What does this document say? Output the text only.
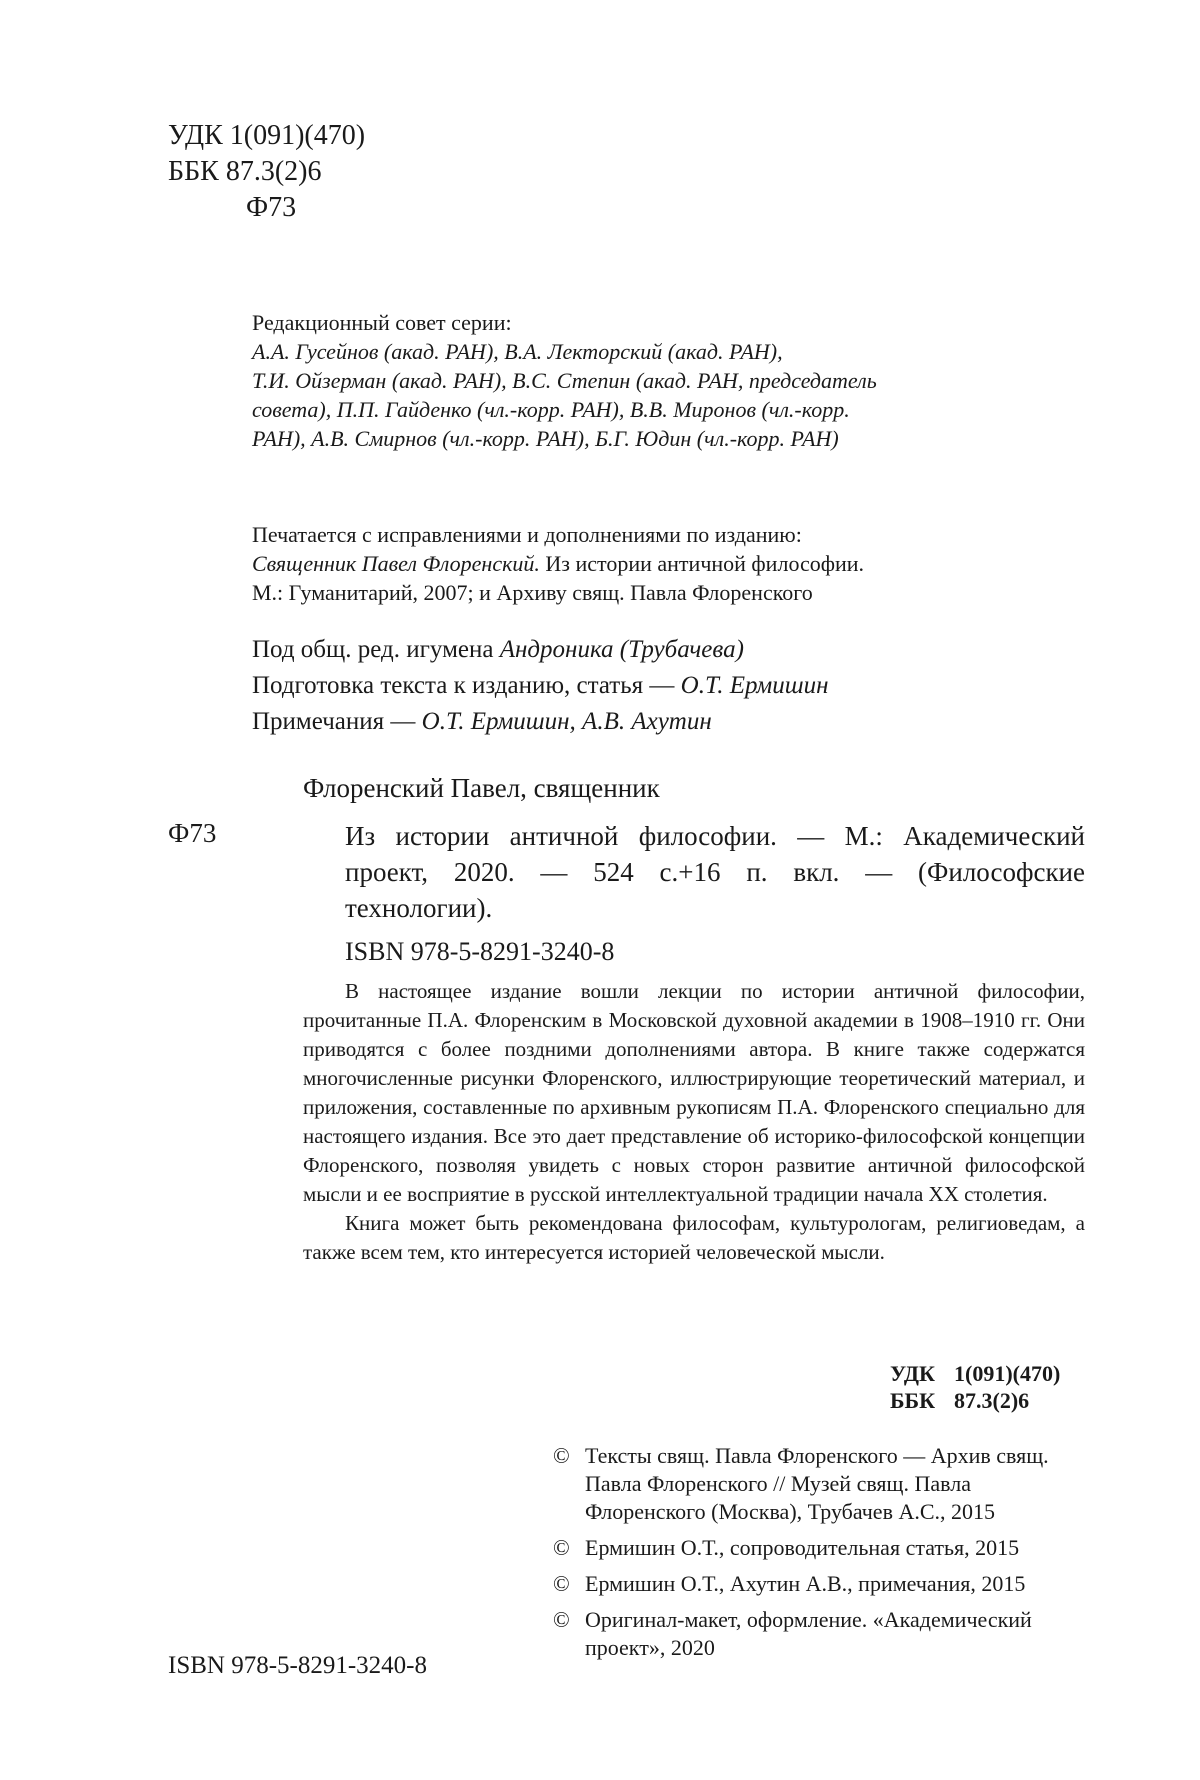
УДК 1(091)(470)
ББК 87.3(2)6
Ф73
Редакционный совет серии:
А.А. Гусейнов (акад. РАН), В.А. Лекторский (акад. РАН),
Т.И. Ойзерман (акад. РАН), В.С. Степин (акад. РАН, председатель
совета), П.П. Гайденко (чл.-корр. РАН), В.В. Миронов (чл.-корр.
РАН), А.В. Смирнов (чл.-корр. РАН), Б.Г. Юдин (чл.-корр. РАН)
Печатается с исправлениями и дополнениями по изданию:
Священник Павел Флоренский. Из истории античной философии.
М.: Гуманитарий, 2007; и Архиву свящ. Павла Флоренского
Под общ. ред. игумена Андроника (Трубачева)
Подготовка текста к изданию, статья — О.Т. Ермишин
Примечания — О.Т. Ермишин, А.В. Ахутин
Флоренский Павел, священник
Ф73	Из истории античной философии. — М.: Академический проект, 2020. — 524 с.+16 п. вкл. — (Философские технологии).
ISBN 978-5-8291-3240-8

В настоящее издание вошли лекции по истории античной философии, прочитанные П.А. Флоренским в Московской духовной академии в 1908–1910 гг. Они приводятся с более поздними дополнениями автора. В книге также содержатся многочисленные рисунки Флоренского, иллюстрирующие теоретический материал, и приложения, составленные по архивным рукописям П.А. Флоренского специально для настоящего издания. Все это дает представление об историко-философской концепции Флоренского, позволяя увидеть с новых сторон развитие античной философской мысли и ее восприятие в русской интеллектуальной традиции начала XX столетия.

Книга может быть рекомендована философам, культурологам, религиоведам, а также всем тем, кто интересуется историей человеческой мысли.

УДК 1(091)(470)
ББК 87.3(2)6
© Тексты свящ. Павла Флоренского — Архив свящ. Павла Флоренского // Музей свящ. Павла Флоренского (Москва), Трубачев А.С., 2015
© Ермишин О.Т., сопроводительная статья, 2015
© Ермишин О.Т., Ахутин А.В., примечания, 2015
© Оригинал-макет, оформление. «Академический проект», 2020
ISBN 978-5-8291-3240-8
